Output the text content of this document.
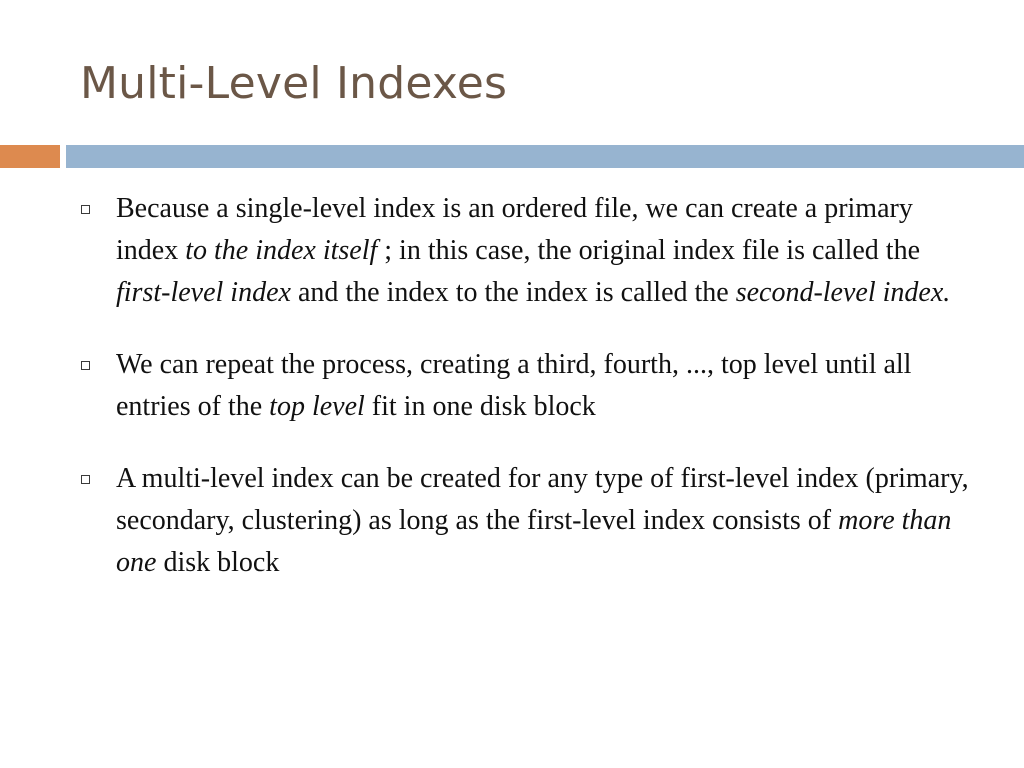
Multi-Level Indexes
Because a single-level index is an ordered file, we can create a primary index to the index itself ; in this case, the original index file is called the first-level index and the index to the index is called the second-level index.
We can repeat the process, creating a third, fourth, ..., top level until all entries of the top level fit in one disk block
A multi-level index can be created for any type of first-level index (primary, secondary, clustering) as long as the first-level index consists of more than one disk block
